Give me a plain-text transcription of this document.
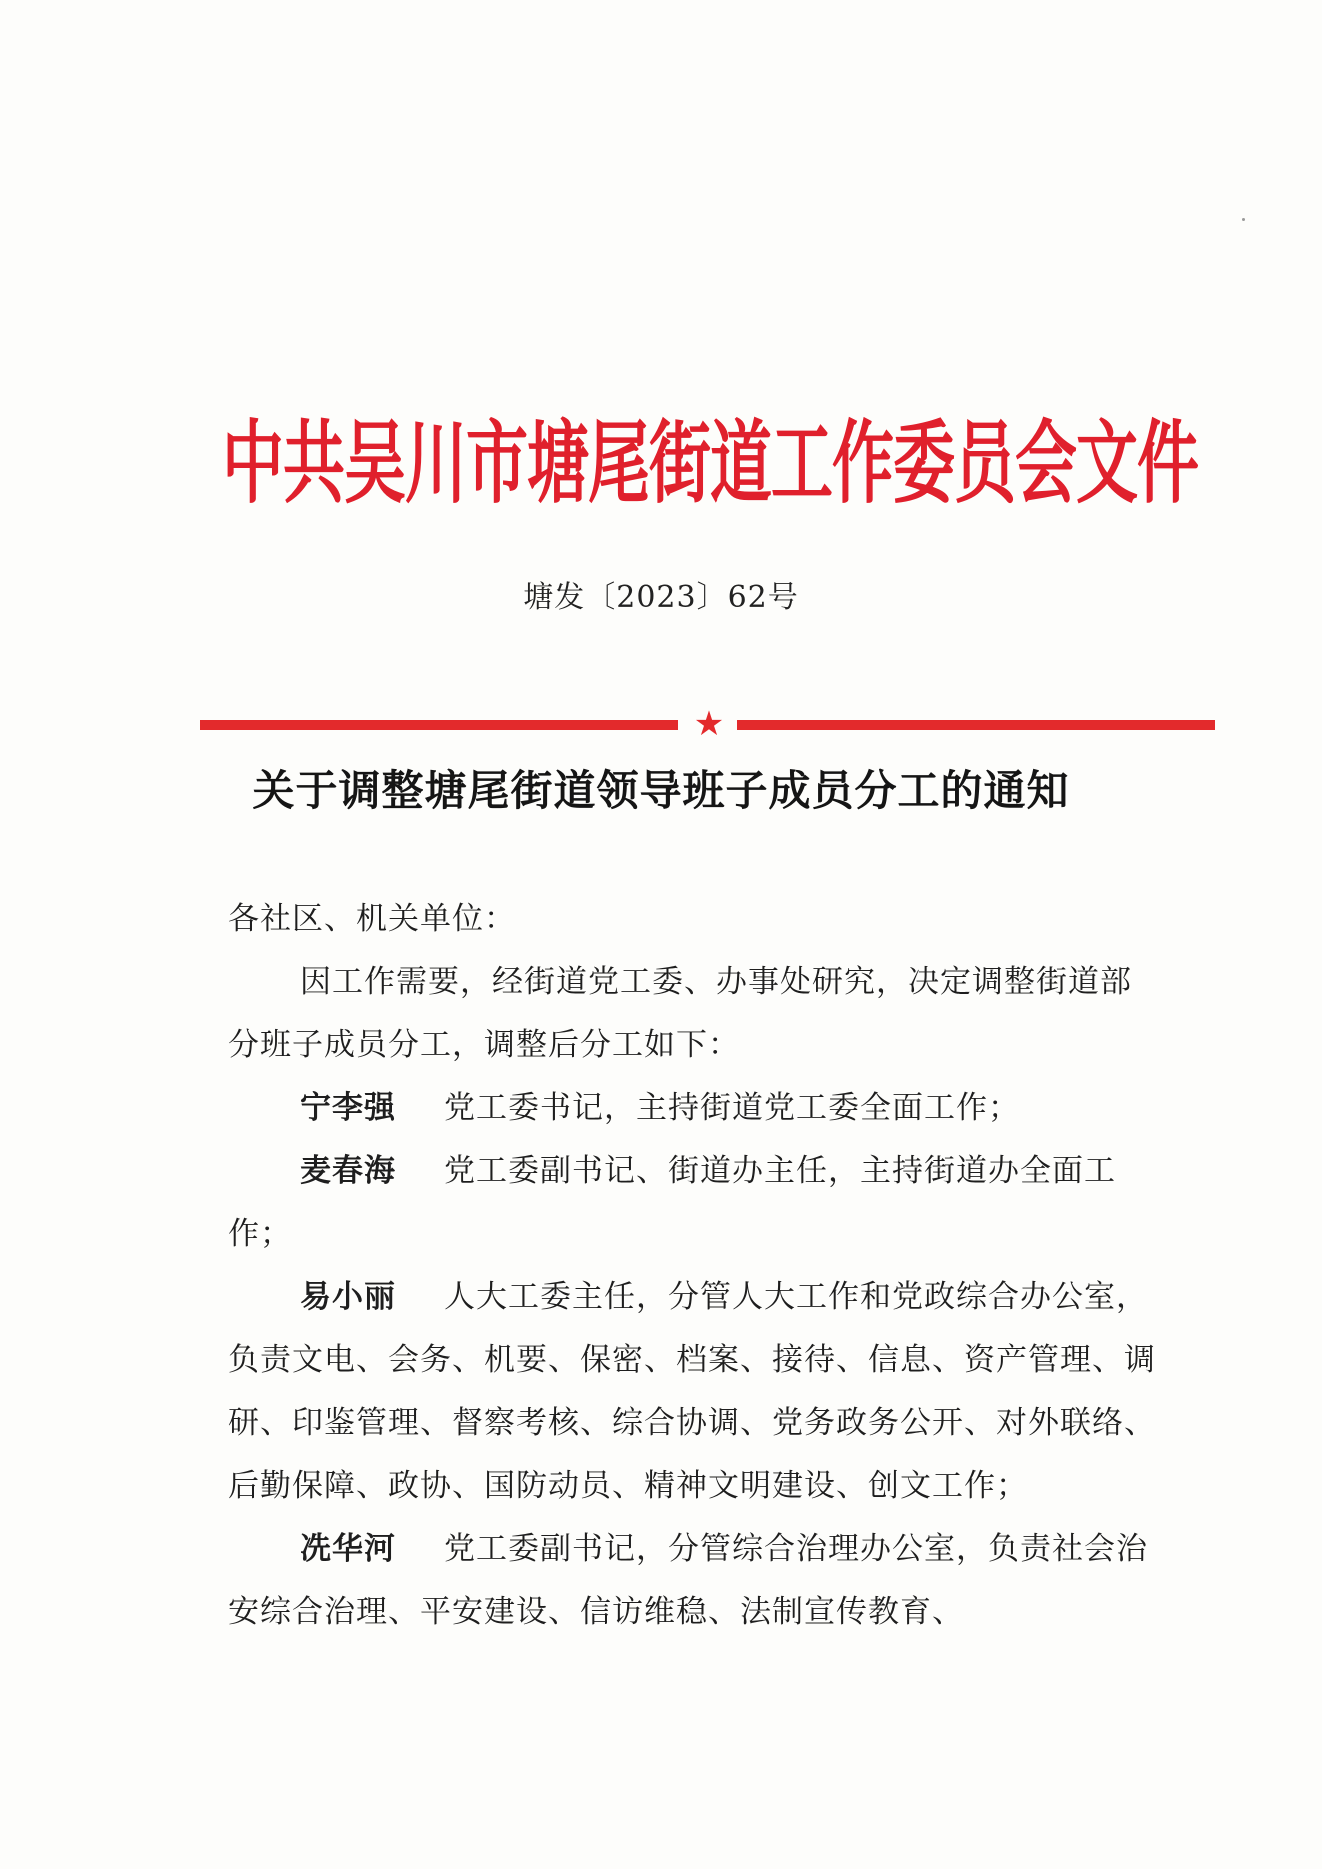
中共吴川市塘尾街道工作委员会文件
塘发〔2023〕62号
★
关于调整塘尾街道领导班子成员分工的通知

各社区、机关单位：

因工作需要，经街道党工委、办事处研究，决定调整街道部分班子成员分工，调整后分工如下：

宁李强 党工委书记，主持街道党工委全面工作；

麦春海 党工委副书记、街道办主任，主持街道办全面工作；

易小丽 人大工委主任，分管人大工作和党政综合办公室，负责文电、会务、机要、保密、档案、接待、信息、资产管理、调研、印鉴管理、督察考核、综合协调、党务政务公开、对外联络、后勤保障、政协、国防动员、精神文明建设、创文工作；

冼华河 党工委副书记，分管综合治理办公室，负责社会治安综合治理、平安建设、信访维稳、法制宣传教育、
